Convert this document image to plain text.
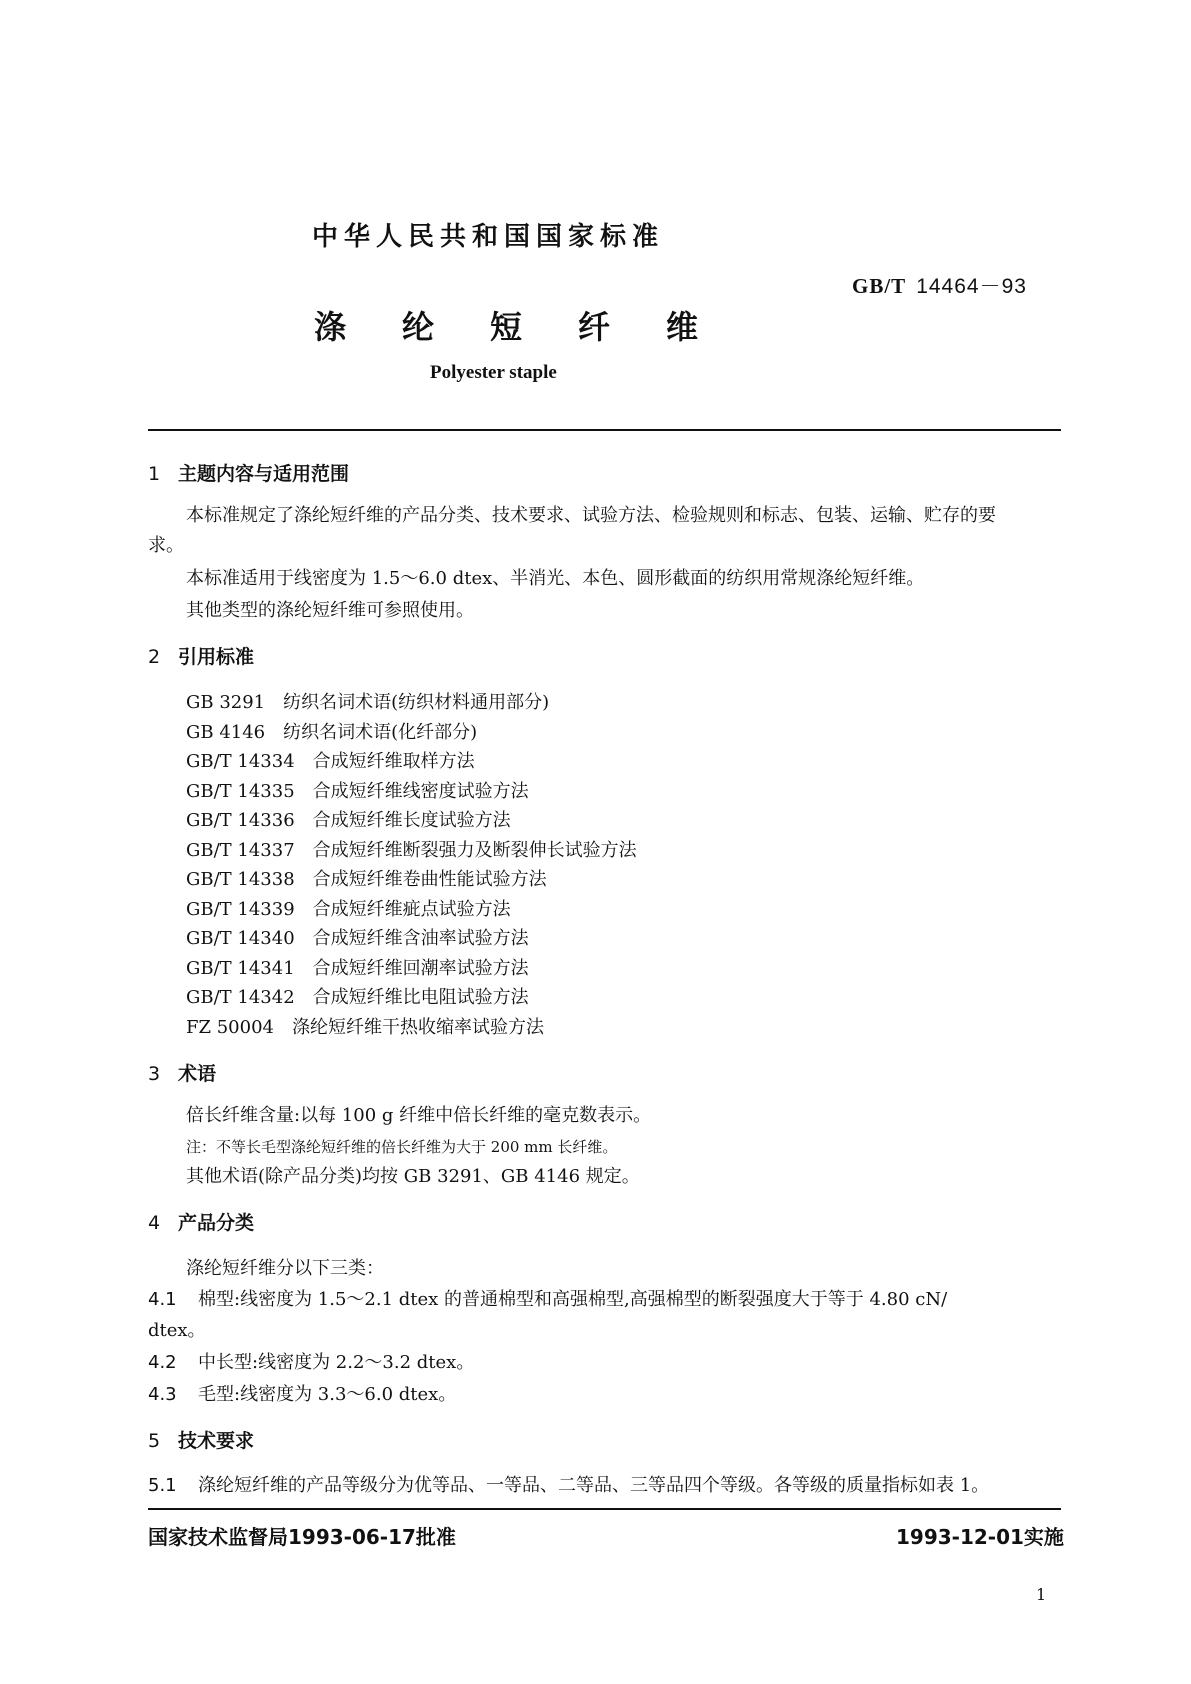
中华人民共和国国家标准
GB/T 14464－93
涤	纶	短	纤	维
Polyester staple
1 主题内容与适用范围
本标准规定了涤纶短纤维的产品分类、技术要求、试验方法、检验规则和标志、包装、运输、贮存的要
求。
本标准适用于线密度为 1.5～6.0 dtex、半消光、本色、圆形截面的纺织用常规涤纶短纤维。
其他类型的涤纶短纤维可参照使用。
2 引用标准
GB 3291 纺织名词术语(纺织材料通用部分)
GB 4146 纺织名词术语(化纤部分)
GB/T 14334 合成短纤维取样方法
GB/T 14335 合成短纤维线密度试验方法
GB/T 14336 合成短纤维长度试验方法
GB/T 14337 合成短纤维断裂强力及断裂伸长试验方法
GB/T 14338 合成短纤维卷曲性能试验方法
GB/T 14339 合成短纤维疵点试验方法
GB/T 14340 合成短纤维含油率试验方法
GB/T 14341 合成短纤维回潮率试验方法
GB/T 14342 合成短纤维比电阻试验方法
FZ 50004 涤纶短纤维干热收缩率试验方法
3 术语
倍长纤维含量:以每 100 g 纤维中倍长纤维的毫克数表示。
注：不等长毛型涤纶短纤维的倍长纤维为大于 200 mm 长纤维。
其他术语(除产品分类)均按 GB 3291、GB 4146 规定。
4 产品分类
涤纶短纤维分以下三类：
4.1 棉型:线密度为 1.5～2.1 dtex 的普通棉型和高强棉型,高强棉型的断裂强度大于等于 4.80 cN/
dtex。
4.2 中长型:线密度为 2.2～3.2 dtex。
4.3 毛型:线密度为 3.3～6.0 dtex。
5 技术要求
5.1 涤纶短纤维的产品等级分为优等品、一等品、二等品、三等品四个等级。各等级的质量指标如表 1。
国家技术监督局1993-06-17批准	1993-12-01实施
1
